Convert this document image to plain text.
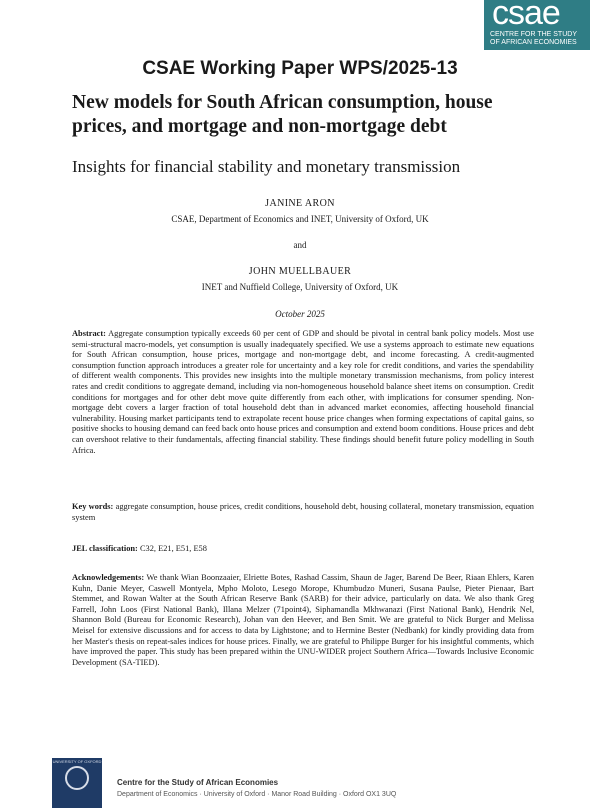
csae
CENTRE FOR THE STUDY OF AFRICAN ECONOMIES
CSAE Working Paper WPS/2025-13
New models for South African consumption, house prices, and mortgage and non-mortgage debt
Insights for financial stability and monetary transmission
JANINE ARON
CSAE, Department of Economics and INET, University of Oxford, UK
and
JOHN MUELLBAUER
INET and Nuffield College, University of Oxford, UK
October 2025
Abstract: Aggregate consumption typically exceeds 60 per cent of GDP and should be pivotal in central bank policy models. Most use semi-structural macro-models, yet consumption is usually inadequately specified. We use a systems approach to estimate new equations for South African consumption, house prices, mortgage and non-mortgage debt, and income forecasting. A credit-augmented consumption function approach introduces a greater role for uncertainty and a key role for credit conditions, and varies the spendability of different wealth components. This provides new insights into the multiple monetary transmission mechanisms, from policy interest rates and credit conditions to aggregate demand, including via non-homogeneous household balance sheet items on consumption. Credit conditions for mortgages and for other debt move quite differently from each other, with implications for consumer spending. Non-mortgage debt covers a larger fraction of total household debt than in advanced market economies, affecting household financial vulnerability. Housing market participants tend to extrapolate recent house price changes when forming expectations of capital gains, so positive shocks to housing demand can feed back onto house prices and consumption and extend boom conditions. House prices and debt can overshoot relative to their fundamentals, affecting financial stability. These findings should benefit future policy modelling in South Africa.
Key words: aggregate consumption, house prices, credit conditions, household debt, housing collateral, monetary transmission, equation system
JEL classification: C32, E21, E51, E58
Acknowledgements: We thank Wian Boonzaaier, Elriette Botes, Rashad Cassim, Shaun de Jager, Barend De Beer, Riaan Ehlers, Karen Kuhn, Danie Meyer, Caswell Montyela, Mpho Moloto, Lesego Morope, Khumbudzo Muneri, Susana Paulse, Pieter Pienaar, Bart Stemmet, and Rowan Walter at the South African Reserve Bank (SARB) for their advice, particularly on data. We also thank Greg Farrell, John Loos (First National Bank), Illana Melzer (71point4), Siphamandla Mkhwanazi (First National Bank), Hendrik Nel, Shannon Bold (Bureau for Economic Research), Johan van den Heever, and Ben Smit. We are grateful to Nick Burger and Melissa Meisel for extensive discussions and for access to data by Lightstone; and to Hermine Bester (Nedbank) for kindly providing data from her Master's thesis on repeat-sales indices for house prices. Finally, we are grateful to Philippe Burger for his insightful comments, which have improved the paper. This study has been prepared within the UNU-WIDER project Southern Africa—Towards Inclusive Economic Development (SA-TIED).
UNIVERSITY OF OXFORD
Centre for the Study of African Economies
Department of Economics · University of Oxford · Manor Road Building · Oxford OX1 3UQ
